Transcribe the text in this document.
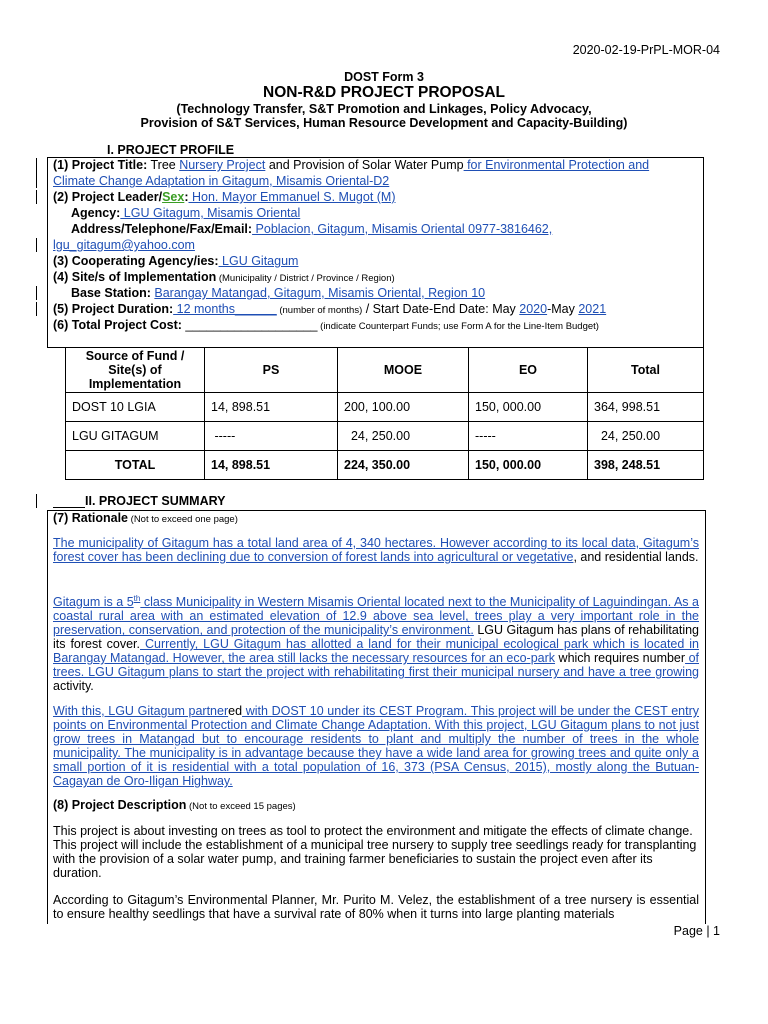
2020-02-19-PrPL-MOR-04
DOST Form 3
NON-R&D PROJECT PROPOSAL
(Technology Transfer, S&T Promotion and Linkages, Policy Advocacy,
Provision of S&T Services, Human Resource Development and Capacity-Building)
I. PROJECT PROFILE
(1) Project Title: Tree Nursery Project and Provision of Solar Water Pump for Environmental Protection and
Climate Change Adaptation in Gitagum, Misamis Oriental-D2
(2) Project Leader/Sex: Hon. Mayor Emmanuel S. Mugot (M)
Agency: LGU Gitagum, Misamis Oriental
Address/Telephone/Fax/Email: Poblacion, Gitagum, Misamis Oriental 0977-3816462,
lgu_gitagum@yahoo.com
(3) Cooperating Agency/ies: LGU Gitagum
(4) Site/s of Implementation (Municipality / District / Province / Region)
Base Station: Barangay Matangad, Gitagum, Misamis Oriental, Region 10
(5) Project Duration: 12 months______ (number of months) / Start Date-End Date: May 2020-May 2021
(6) Total Project Cost: ___________________ (indicate Counterpart Funds; use Form A for the Line-Item Budget)
Source of Fund / Site(s) of Implementation	PS	MOOE	EO	Total
DOST 10 LGIA	14, 898.51	200, 100.00	150, 000.00	364, 998.51
LGU GITAGUM	-----	24, 250.00	-----	24, 250.00
TOTAL	14, 898.51	224, 350.00	150, 000.00	398, 248.51
II. PROJECT SUMMARY
(7) Rationale (Not to exceed one page)
The municipality of Gitagum has a total land area of 4, 340 hectares. However according to its local data, Gitagum’s forest cover has been declining due to conversion of forest lands into agricultural or vegetative, and residential lands.
Gitagum is a 5th class Municipality in Western Misamis Oriental located next to the Municipality of Laguindingan. As a coastal rural area with an estimated elevation of 12.9 above sea level, trees play a very important role in the preservation, conservation, and protection of the municipality’s environment. LGU Gitagum has plans of rehabilitating its forest cover. Currently, LGU Gitagum has allotted a land for their municipal ecological park which is located in Barangay Matangad. However, the area still lacks the necessary resources for an eco-park which requires number of trees. LGU Gitagum plans to start the project with rehabilitating first their municipal nursery and have a tree growing activity.
With this, LGU Gitagum partnered with DOST 10 under its CEST Program. This project will be under the CEST entry points on Environmental Protection and Climate Change Adaptation. With this project, LGU Gitagum plans to not just grow trees in Matangad but to encourage residents to plant and multiply the number of trees in the whole municipality. The municipality is in advantage because they have a wide land area for growing trees and quite only a small portion of it is residential with a total population of 16, 373 (PSA Census, 2015), mostly along the Butuan-Cagayan de Oro-Iligan Highway.
(8) Project Description (Not to exceed 15 pages)
This project is about investing on trees as tool to protect the environment and mitigate the effects of climate change. This project will include the establishment of a municipal tree nursery to supply tree seedlings ready for transplanting with the provision of a solar water pump, and training farmer beneficiaries to sustain the project even after its duration.
According to Gitagum’s Environmental Planner, Mr. Purito M. Velez, the establishment of a tree nursery is essential to ensure healthy seedlings that have a survival rate of 80% when it turns into large planting materials
Page | 1
